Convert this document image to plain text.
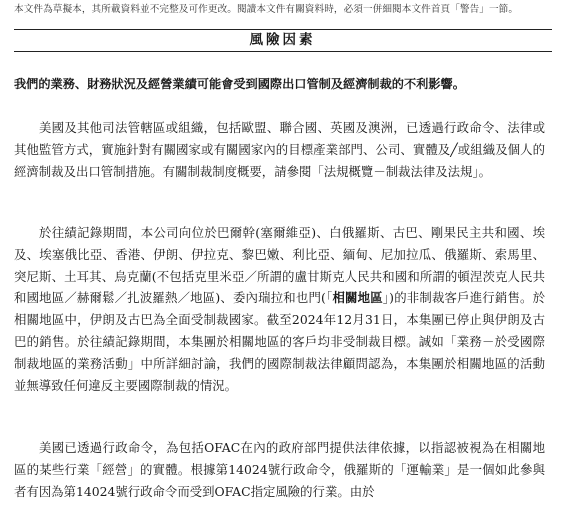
本文件為草擬本，其所載資料並不完整及可作更改。閱讀本文件有關資料時，必須一併細閱本文件首頁「警告」一節。
風險因素
我們的業務、財務狀況及經營業績可能會受到國際出口管制及經濟制裁的不利影響。

美國及其他司法管轄區或組織，包括歐盟、聯合國、英國及澳洲，已透過行政命令、法律或其他監管方式，實施針對有關國家或有關國家內的目標產業部門、公司、實體及╱或組織及個人的經濟制裁及出口管制措施。有關制裁制度概要，請參閱「法規概覽－制裁法律及法規」。

於往績記錄期間，本公司向位於巴爾幹(塞爾維亞)、白俄羅斯、古巴、剛果民主共和國、埃及、埃塞俄比亞、香港、伊朗、伊拉克、黎巴嫩、利比亞、緬甸、尼加拉瓜、俄羅斯、索馬里、突尼斯、土耳其、烏克蘭(不包括克里米亞／所謂的盧甘斯克人民共和國和所謂的頓涅茨克人民共和國地區／赫爾鬆／扎波羅熱／地區)、委內瑞拉和也門(「相關地區」)的非制裁客戶進行銷售。於相關地區中，伊朗及古巴為全面受制裁國家。截至2024年12月31日，本集團已停止與伊朗及古巴的銷售。於往績記錄期間，本集團於相關地區的客戶均非受制裁目標。誠如「業務－於受國際制裁地區的業務活動」中所詳細討論，我們的國際制裁法律顧問認為，本集團於相關地區的活動並無導致任何違反主要國際制裁的情況。

美國已透過行政命令，為包括OFAC在內的政府部門提供法律依據，以指認被視為在相關地區的某些行業「經營」的實體。根據第14024號行政命令，俄羅斯的「運輸業」是一個如此參與者有因為第14024號行政命令而受到OFAC指定風險的行業。由於
